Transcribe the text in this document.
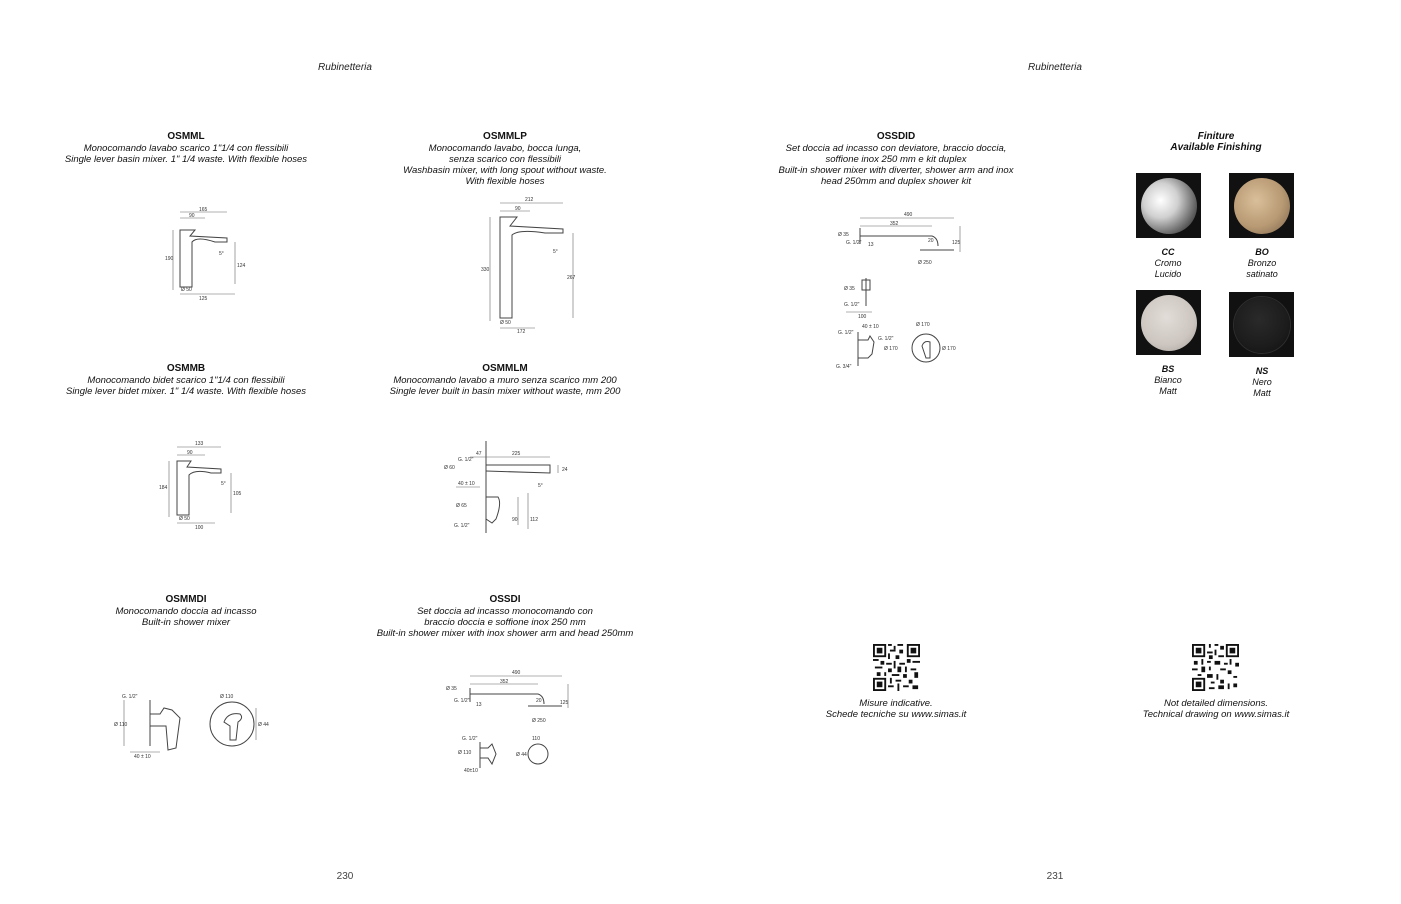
Rubinetteria
OSMML
Monocomando lavabo scarico 1"1/4 con flessibili
Single lever basin mixer. 1" 1/4 waste. With flexible hoses
165
90
190
124
5°
Ø 50
125
OSMMLP
Monocomando lavabo, bocca lunga,
senza scarico con flessibili
Washbasin mixer, with long spout without waste.
With flexible hoses
212
90
330
267
5°
Ø 50
172
OSMMB
Monocomando bidet scarico 1"1/4 con flessibili
Single lever bidet mixer. 1" 1/4 waste. With flexible hoses
133
90
184
105
5°
Ø 50
100
OSMMLM
Monocomando lavabo a muro senza scarico mm 200
Single lever built in basin mixer without waste, mm 200
47	225
Ø 60
G. 1/2"
24
5°
40 ± 10
Ø 65
90 112
G. 1/2"
OSMMDI
Monocomando doccia ad incasso
Built-in shower mixer
G. 1/2"
Ø 110
Ø 110
Ø 44
40 ± 10
OSSDI
Set doccia ad incasso monocomando con
braccio doccia e soffione inox 250 mm
Built-in shower mixer with inox shower arm and head 250mm
490
352
Ø 35
G. 1/2"
13
20	125
Ø 250
G. 1/2"
Ø 110
110
Ø 44
40±10
230
Rubinetteria
OSSDID
Set doccia ad incasso con deviatore, braccio doccia,
soffione inox 250 mm e kit duplex
Built-in shower mixer with diverter, shower arm and inox
head 250mm and duplex shower kit
490
352
Ø 35
G. 1/2" 13
20	125
Ø 250
Ø 35
G. 1/2"
100
40 ± 10
G. 1/2"
G. 1/2"
Ø 170
Ø 170	Ø 170
G. 3/4"
Finiture
Available Finishing
CC
Cromo
Lucido
BO
Bronzo
satinato
BS
Bianco
Matt
NS
Nero
Matt
Misure indicative.
Schede tecniche su www.simas.it
Not detailed dimensions.
Technical drawing on www.simas.it
231
